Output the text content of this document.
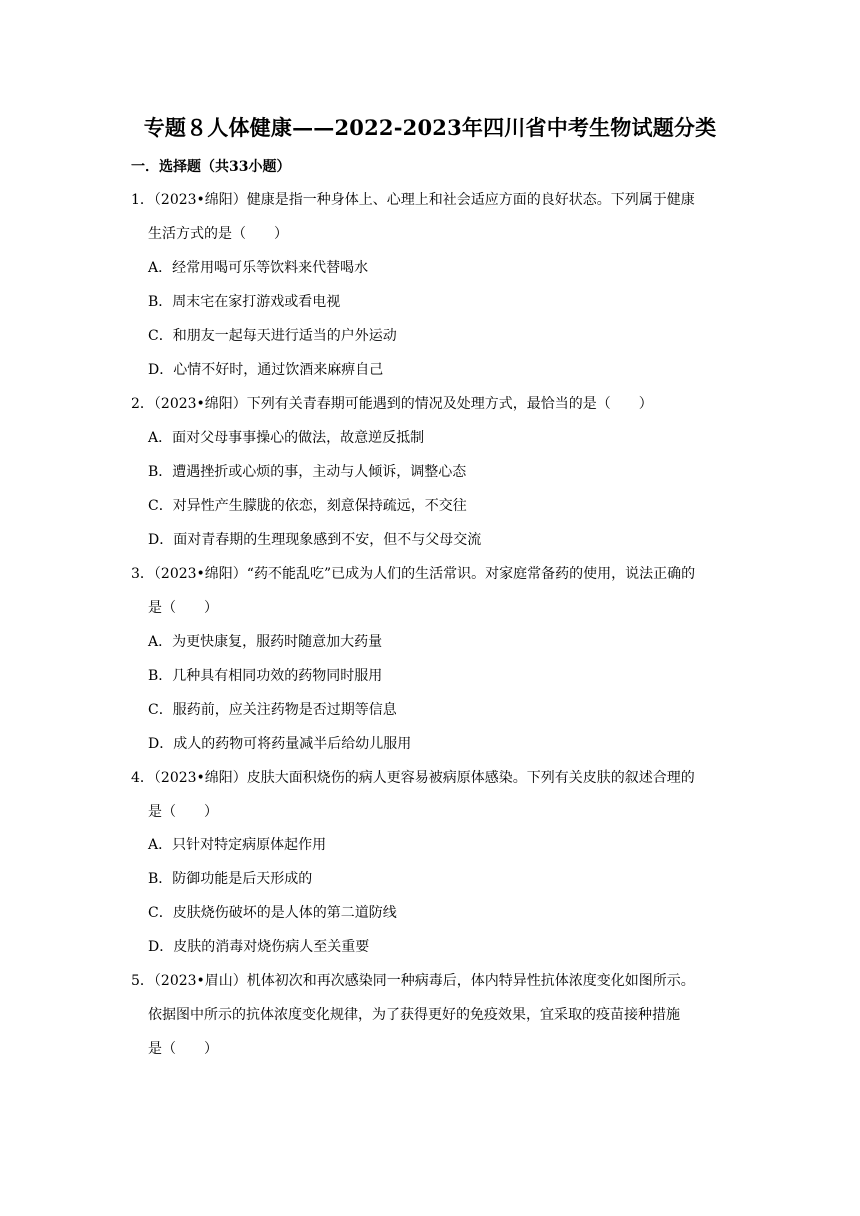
专题８人体健康——2022-2023年四川省中考生物试题分类
一．选择题（共33小题）
1．（2023•绵阳）健康是指一种身体上、心理上和社会适应方面的良好状态。下列属于健康
生活方式的是（　　）
A．经常用喝可乐等饮料来代替喝水
B．周末宅在家打游戏或看电视
C．和朋友一起每天进行适当的户外运动
D．心情不好时，通过饮酒来麻痹自己
2．（2023•绵阳）下列有关青春期可能遇到的情况及处理方式，最恰当的是（　　）
A．面对父母事事操心的做法，故意逆反抵制
B．遭遇挫折或心烦的事，主动与人倾诉，调整心态
C．对异性产生朦胧的依恋，刻意保持疏远，不交往
D．面对青春期的生理现象感到不安，但不与父母交流
3．（2023•绵阳）“药不能乱吃”已成为人们的生活常识。对家庭常备药的使用，说法正确的
是（　　）
A．为更快康复，服药时随意加大药量
B．几种具有相同功效的药物同时服用
C．服药前，应关注药物是否过期等信息
D．成人的药物可将药量减半后给幼儿服用
4．（2023•绵阳）皮肤大面积烧伤的病人更容易被病原体感染。下列有关皮肤的叙述合理的
是（　　）
A．只针对特定病原体起作用
B．防御功能是后天形成的
C．皮肤烧伤破坏的是人体的第二道防线
D．皮肤的消毒对烧伤病人至关重要
5．（2023•眉山）机体初次和再次感染同一种病毒后，体内特异性抗体浓度变化如图所示。
依据图中所示的抗体浓度变化规律，为了获得更好的免疫效果，宜采取的疫苗接种措施
是（　　）
